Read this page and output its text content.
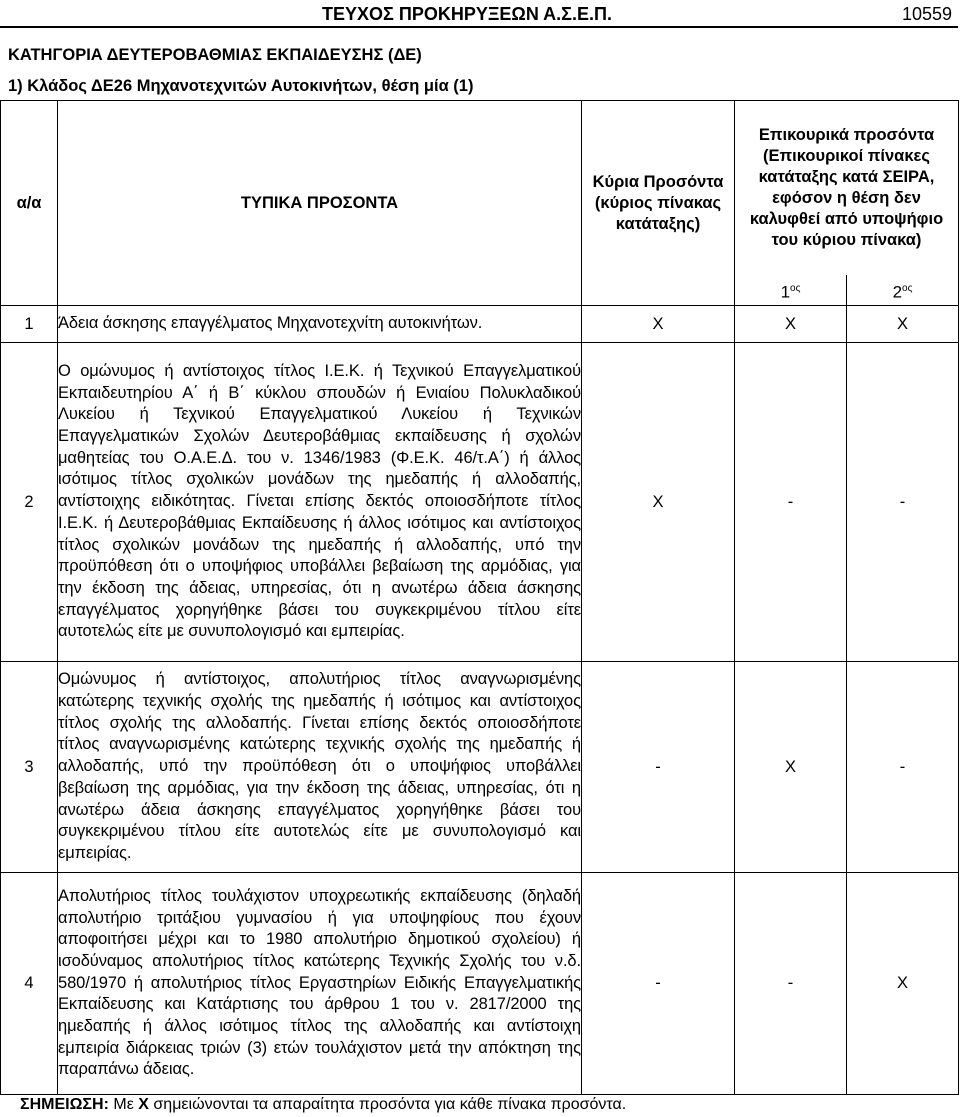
ΤΕΥΧΟΣ ΠΡΟΚΗΡΥΞΕΩΝ Α.Σ.Ε.Π.	10559
ΚΑΤΗΓΟΡΙΑ ΔΕΥΤΕΡΟΒΑΘΜΙΑΣ ΕΚΠΑΙΔΕΥΣΗΣ (ΔΕ)
1) Κλάδος ΔΕ26 Μηχανοτεχνιτών Αυτοκινήτων, θέση μία (1)
α/α	ΤΥΠΙΚΑ ΠΡΟΣΟΝΤΑ	Κύρια Προσόντα (κύριος πίνακας κατάταξης)	Επικουρικά προσόντα (Επικουρικοί πίνακες κατάταξης κατά ΣΕΙΡΑ, εφόσον η θέση δεν καλυφθεί από υποψήφιο του κύριου πίνακα)	
			$1^{o\varsigma}$	$2^{o\varsigma}$
1	Άδεια άσκησης επαγγέλματος Μηχανοτεχνίτη αυτοκινήτων.	Χ	Χ	Χ
2	Ο ομώνυμος ή αντίστοιχος τίτλος Ι.Ε.Κ. ή Τεχνικού Επαγγελματικού Εκπαιδευτηρίου Α΄ ή Β΄ κύκλου σπουδών ή Ενιαίου Πολυκλαδικού Λυκείου ή Τεχνικού Επαγγελματικού Λυκείου ή Τεχνικών Επαγγελματικών Σχολών Δευτεροβάθμιας εκπαίδευσης ή σχολών μαθητείας του Ο.Α.Ε.Δ. του ν. 1346/1983 (Φ.Ε.Κ. 46/τ.Α΄) ή άλλος ισότιμος τίτλος σχολικών μονάδων της ημεδαπής ή αλλοδαπής, αντίστοιχης ειδικότητας. Γίνεται επίσης δεκτός οποιοσδήποτε τίτλος Ι.Ε.Κ. ή Δευτεροβάθμιας Εκπαίδευσης ή άλλος ισότιμος και αντίστοιχος τίτλος σχολικών μονάδων της ημεδαπής ή αλλοδαπής, υπό την προϋπόθεση ότι ο υποψήφιος υποβάλλει βεβαίωση της αρμόδιας, για την έκδοση της άδειας, υπηρεσίας, ότι η ανωτέρω άδεια άσκησης επαγγέλματος χορηγήθηκε βάσει του συγκεκριμένου τίτλου είτε αυτοτελώς είτε με συνυπολογισμό και εμπειρίας.	Χ	-	-
3	Ομώνυμος ή αντίστοιχος, απολυτήριος τίτλος αναγνωρισμένης κατώτερης τεχνικής σχολής της ημεδαπής ή ισότιμος και αντίστοιχος τίτλος σχολής της αλλοδαπής. Γίνεται επίσης δεκτός οποιοσδήποτε τίτλος αναγνωρισμένης κατώτερης τεχνικής σχολής της ημεδαπής ή αλλοδαπής, υπό την προϋπόθεση ότι ο υποψήφιος υποβάλλει βεβαίωση της αρμόδιας, για την έκδοση της άδειας, υπηρεσίας, ότι η ανωτέρω άδεια άσκησης επαγγέλματος χορηγήθηκε βάσει του συγκεκριμένου τίτλου είτε αυτοτελώς είτε με συνυπολογισμό και εμπειρίας.	-	Χ	-
4	Απολυτήριος τίτλος τουλάχιστον υποχρεωτικής εκπαίδευσης (δηλαδή απολυτήριο τριτάξιου γυμνασίου ή για υποψηφίους που έχουν αποφοιτήσει μέχρι και το 1980 απολυτήριο δημοτικού σχολείου) ή ισοδύναμος απολυτήριος τίτλος κατώτερης Τεχνικής Σχολής του ν.δ. 580/1970 ή απολυτήριος τίτλος Εργαστηρίων Ειδικής Επαγγελματικής Εκπαίδευσης και Κατάρτισης του άρθρου 1 του ν. 2817/2000 της ημεδαπής ή άλλος ισότιμος τίτλος της αλλοδαπής και αντίστοιχη εμπειρία διάρκειας τριών (3) ετών τουλάχιστον μετά την απόκτηση της παραπάνω άδειας.	-	-	Χ
ΣΗΜΕΙΩΣΗ: Με Χ σημειώνονται τα απαραίτητα προσόντα για κάθε πίνακα προσόντα.
